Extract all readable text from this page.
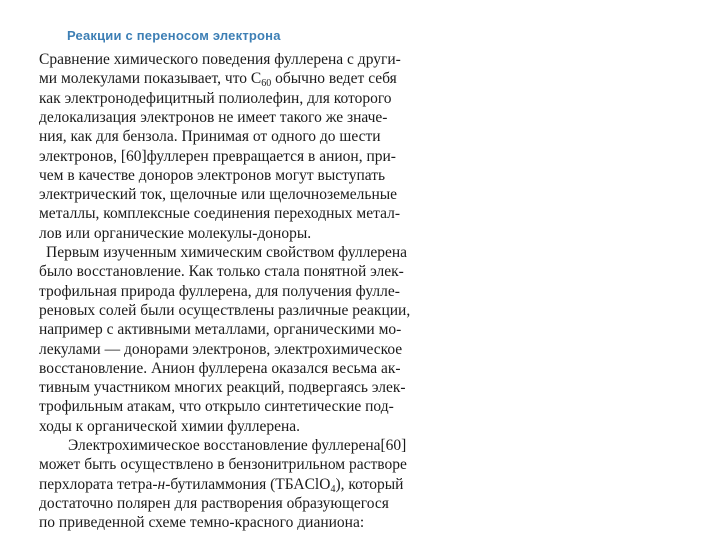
Реакции с переносом электрона
Сравнение химического поведения фуллерена с други-
ми молекулами показывает, что $C_{60}$ обычно ведет себя
как электронодефицитный полиолефин, для которого
делокализация электронов не имеет такого же значе-
ния, как для бензола. Принимая от одного до шести
электронов, [60]фуллерен превращается в анион, при-
чем в качестве доноров электронов могут выступать
электрический ток, щелочные или щелочноземельные
металлы, комплексные соединения переходных метал-
лов или органические молекулы-доноры.
Первым изученным химическим свойством фуллерена
было восстановление. Как только стала понятной элек-
трофильная природа фуллерена, для получения фулле-
реновых солей были осуществлены различные реакции,
например с активными металлами, органическими мо-
лекулами — донорами электронов, электрохимическое
восстановление. Анион фуллерена оказался весьма ак-
тивным участником многих реакций, подвергаясь элек-
трофильным атакам, что открыло синтетические под-
ходы к органической химии фуллерена.
Электрохимическое восстановление фуллерена[60]
может быть осуществлено в бензонитрильном растворе
перхлората тетра-н-бутиламмония (ТБАClO$_4$), который
достаточно полярен для растворения образующегося
по приведенной схеме темно-красного дианиона:
